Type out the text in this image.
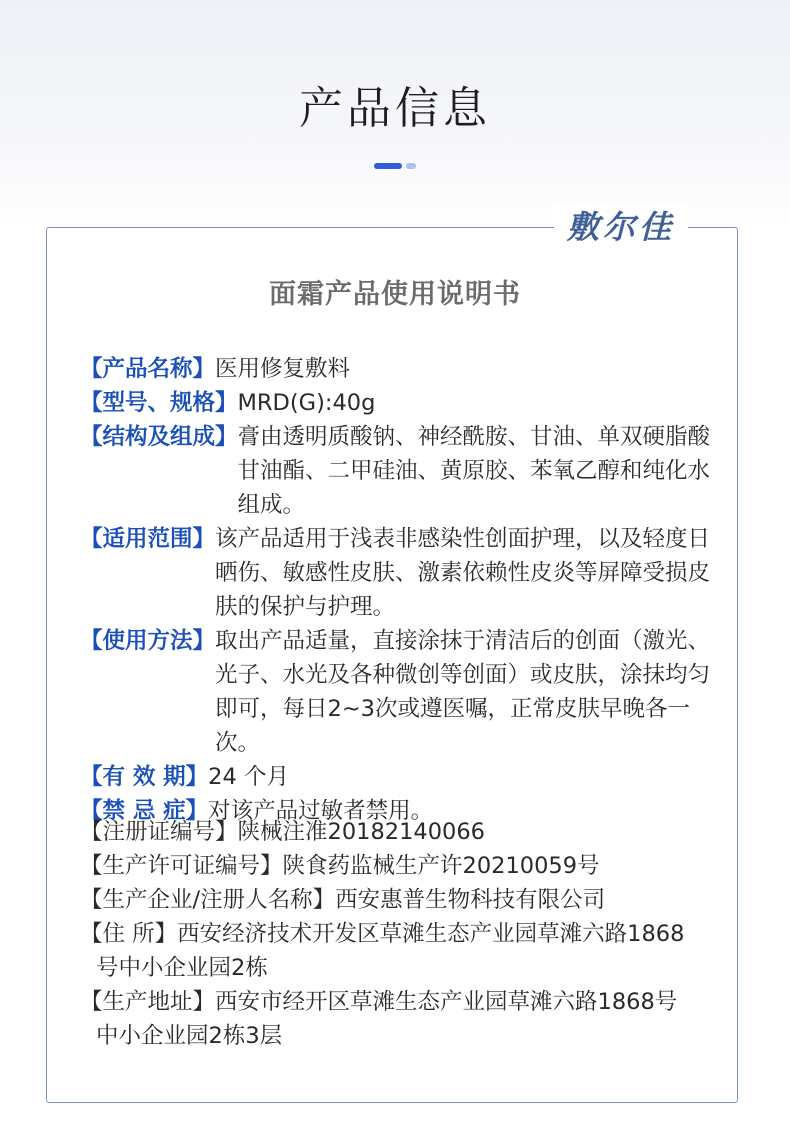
产品信息
敷尔佳
面霜产品使用说明书
【产品名称】 医用修复敷料
【型号、规格】 MRD(G):40g
【结构及组成】 膏由透明质酸钠、神经酰胺、甘油、单双硬脂酸甘油酯、二甲硅油、黄原胶、苯氧乙醇和纯化水组成。
【适用范围】 该产品适用于浅表非感染性创面护理，以及轻度日晒伤、敏感性皮肤、激素依赖性皮炎等屏障受损皮肤的保护与护理。
【使用方法】 取出产品适量，直接涂抹于清洁后的创面（激光、光子、水光及各种微创等创面）或皮肤，涂抹均匀即可，每日2~3次或遵医嘱，正常皮肤早晚各一次。
【有 效 期】 24 个月
【禁 忌 症】 对该产品过敏者禁用。
【注册证编号】陕械注准20182140066
【生产许可证编号】陕食药监械生产许20210059号
【生产企业/注册人名称】西安惠普生物科技有限公司
【住 所】西安经济技术开发区草滩生态产业园草滩六路1868
号中小企业园2栋
【生产地址】西安市经开区草滩生态产业园草滩六路1868号
中小企业园2栋3层
